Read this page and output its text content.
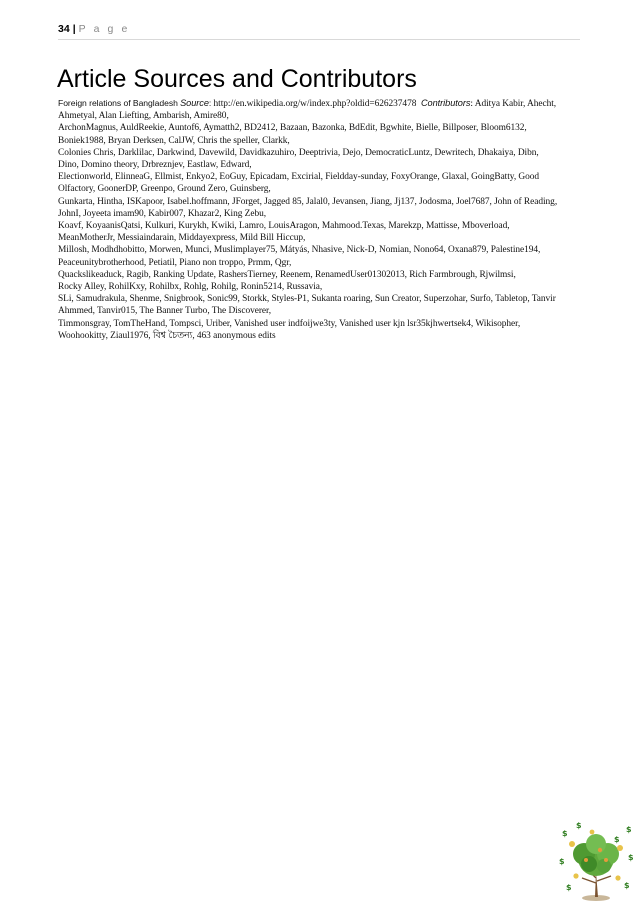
34 | P a g e
Article Sources and Contributors
Foreign relations of Bangladesh Source: http://en.wikipedia.org/w/index.php?oldid=626237478 Contributors: Aditya Kabir, Ahecht,
Ahmetyal, Alan Liefting, Ambarish, Amire80,
ArchonMagnus, AuldReekie, Auntof6, Aymatth2, BD2412, Bazaan, Bazonka, BdEdit, Bgwhite, Bielle, Billposer, Bloom6132,
Boniek1988, Bryan Derksen, CalJW, Chris the speller, Clarkk,
Colonies Chris, Darklilac, Darkwind, Davewild, Davidkazuhiro, Deeptrivia, Dejo, DemocraticLuntz, Dewritech, Dhakaiya, Dibn,
Dino, Domino theory, Drbreznjev, Eastlaw, Edward,
Electionworld, ElinneaG, Ellmist, Enkyo2, EoGuy, Epicadam, Excirial, Fieldday-sunday, FoxyOrange, Glaxal, GoingBatty, Good
Olfactory, GoonerDP, Greenpo, Ground Zero, Guinsberg,
Gunkarta, Hintha, ISKapoor, Isabel.hoffmann, JForget, Jagged 85, Jalal0, Jevansen, Jiang, Jj137, Jodosma, Joel7687, John of Reading,
JohnI, Joyeeta imam90, Kabir007, Khazar2, King Zebu,
Koavf, KoyaanisQatsi, Kulkuri, Kurykh, Kwiki, Lamro, LouisAragon, Mahmood.Texas, Marekzp, Mattisse, Mboverload,
MeanMotherJr, Messiaindarain, Middayexpress, Mild Bill Hiccup,
Millosh, Modhdhobitto, Morwen, Munci, Muslimplayer75, Mátyás, Nhasive, Nick-D, Nomian, Nono64, Oxana879, Palestine194,
Peaceunitybrotherhood, Petiatil, Piano non troppo, Prmm, Qgr,
Quackslikeaduck, Ragib, Ranking Update, RashersTierney, Reenem, RenamedUser01302013, Rich Farmbrough, Rjwilmsi,
Rocky Alley, RohilKxy, Rohilbx, Rohlg, Rohilg, Ronin5214, Russavia,
SLi, Samudrakula, Shenme, Snigbrook, Sonic99, Storkk, Styles-P1, Sukanta roaring, Sun Creator, Superzohar, Surfo, Tabletop, Tanvir
Ahmmed, Tanvir015, The Banner Turbo, The Discoverer,
Timmonsgray, TomTheHand, Tompsci, Uriber, Vanished user indfoijwe3ty, Vanished user kjn lsr35kjhwertsek4, Wikisopher,
Woohookitty, Ziaul1976, বিশ্ব চৈতন্য, 463 anonymous edits
$	$
$	$
$	$
$
$
